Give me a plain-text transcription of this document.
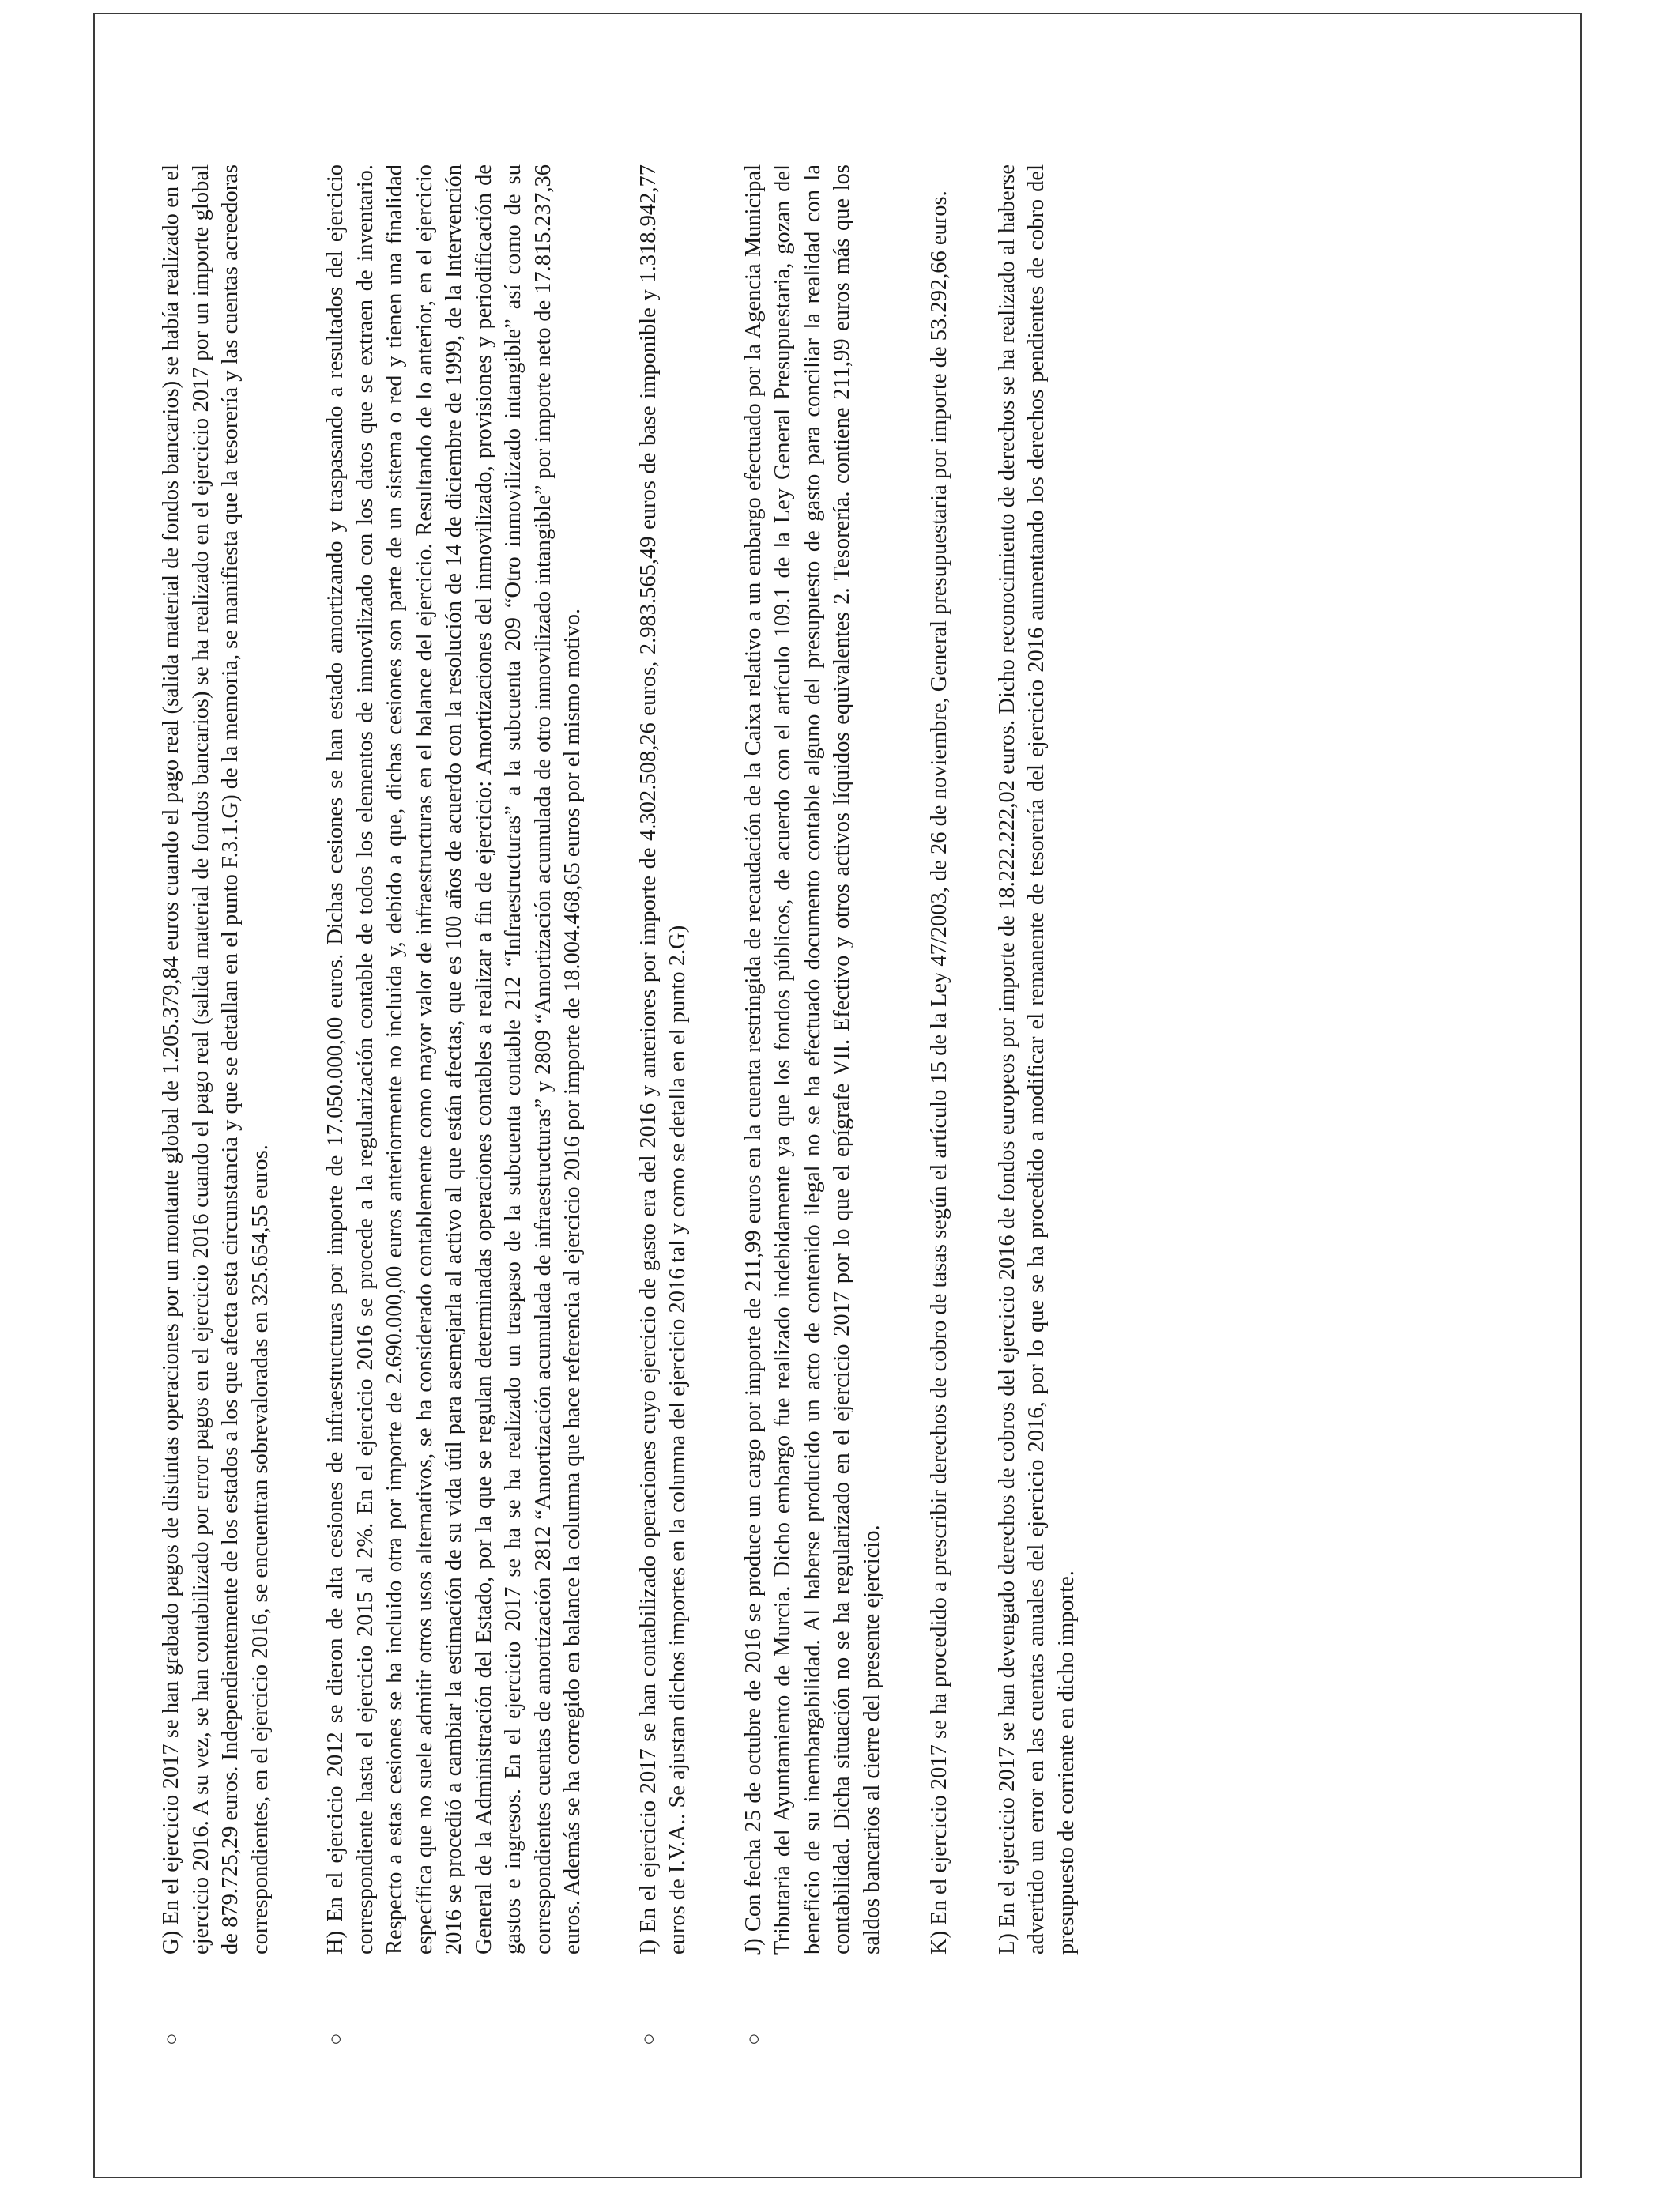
○

G) En el ejercicio 2017 se han grabado pagos de distintas operaciones por un montante global de 1.205.379,84 euros cuando el pago real (salida material de fondos bancarios) se había realizado en el ejercicio 2016. A su vez, se han contabilizado por error pagos en el ejercicio 2016 cuando el pago real (salida material de fondos bancarios) se ha realizado en el ejercicio 2017 por un importe global de 879.725,29 euros. Independientemente de los estados a los que afecta esta circunstancia y que se detallan en el punto F.3.1.G) de la memoria, se manifiesta que la tesorería y las cuentas acreedoras correspondientes, en el ejercicio 2016, se encuentran sobrevaloradas en 325.654,55 euros.

○

H) En el ejercicio 2012 se dieron de alta cesiones de infraestructuras por importe de 17.050.000,00 euros. Dichas cesiones se han estado amortizando y traspasando a resultados del ejercicio correspondiente hasta el ejercicio 2015 al 2%. En el ejercicio 2016 se procede a la regularización contable de todos los elementos de inmovilizado con los datos que se extraen de inventario. Respecto a estas cesiones se ha incluido otra por importe de 2.690.000,00 euros anteriormente no incluida y, debido a que, dichas cesiones son parte de un sistema o red y tienen una finalidad específica que no suele admitir otros usos alternativos, se ha considerado contablemente como mayor valor de infraestructuras en el balance del ejercicio. Resultando de lo anterior, en el ejercicio 2016 se procedió a cambiar la estimación de su vida útil para asemejarla al activo al que están afectas, que es 100 años de acuerdo con la resolución de 14 de diciembre de 1999, de la Intervención General de la Administración del Estado, por la que se regulan determinadas operaciones contables a realizar a fin de ejercicio: Amortizaciones del inmovilizado, provisiones y periodificación de gastos e ingresos. En el ejercicio 2017 se ha se ha realizado un traspaso de la subcuenta contable 212 “Infraestructuras” a la subcuenta 209 “Otro inmovilizado intangible” así como de su correspondientes cuentas de amortización 2812 “Amortización acumulada de infraestructuras” y 2809 “Amortización acumulada de otro inmovilizado intangible” por importe neto de 17.815.237,36 euros. Además se ha corregido en balance la columna que hace referencia al ejercicio 2016 por importe de 18.004.468,65 euros por el mismo motivo.

○

I) En el ejercicio 2017 se han contabilizado operaciones cuyo ejercicio de gasto era del 2016 y anteriores por importe de 4.302.508,26 euros, 2.983.565,49 euros de base imponible y 1.318.942,77 euros de I.V.A.. Se ajustan dichos importes en la columna del ejercicio 2016 tal y como se detalla en el punto 2.G)

○

J) Con fecha 25 de octubre de 2016 se produce un cargo por importe de 211,99 euros en la cuenta restringida de recaudación de la Caixa relativo a un embargo efectuado por la Agencia Municipal Tributaria del Ayuntamiento de Murcia. Dicho embargo fue realizado indebidamente ya que los fondos públicos, de acuerdo con el artículo 109.1 de la Ley General Presupuestaria, gozan del beneficio de su inembargabilidad. Al haberse producido un acto de contenido ilegal no se ha efectuado documento contable alguno del presupuesto de gasto para conciliar la realidad con la contabilidad. Dicha situación no se ha regularizado en el ejercicio 2017 por lo que el epígrafe VII. Efectivo y otros activos líquidos equivalentes 2. Tesorería. contiene 211,99 euros más que los saldos bancarios al cierre del presente ejercicio. K) En el ejercicio 2017 se ha procedido a prescribir derechos de cobro de tasas según el artículo 15 de la Ley 47/2003, de 26 de noviembre, General presupuestaria por importe de 53.292,66 euros. L) En el ejercicio 2017 se han devengado derechos de cobros del ejercicio 2016 de fondos europeos por importe de 18.222.222,02 euros. Dicho reconocimiento de derechos se ha realizado al haberse advertido un error en las cuentas anuales del ejercicio 2016, por lo que se ha procedido a modificar el remanente de tesorería del ejercicio 2016 aumentando los derechos pendientes de cobro del presupuesto de corriente en dicho importe.
